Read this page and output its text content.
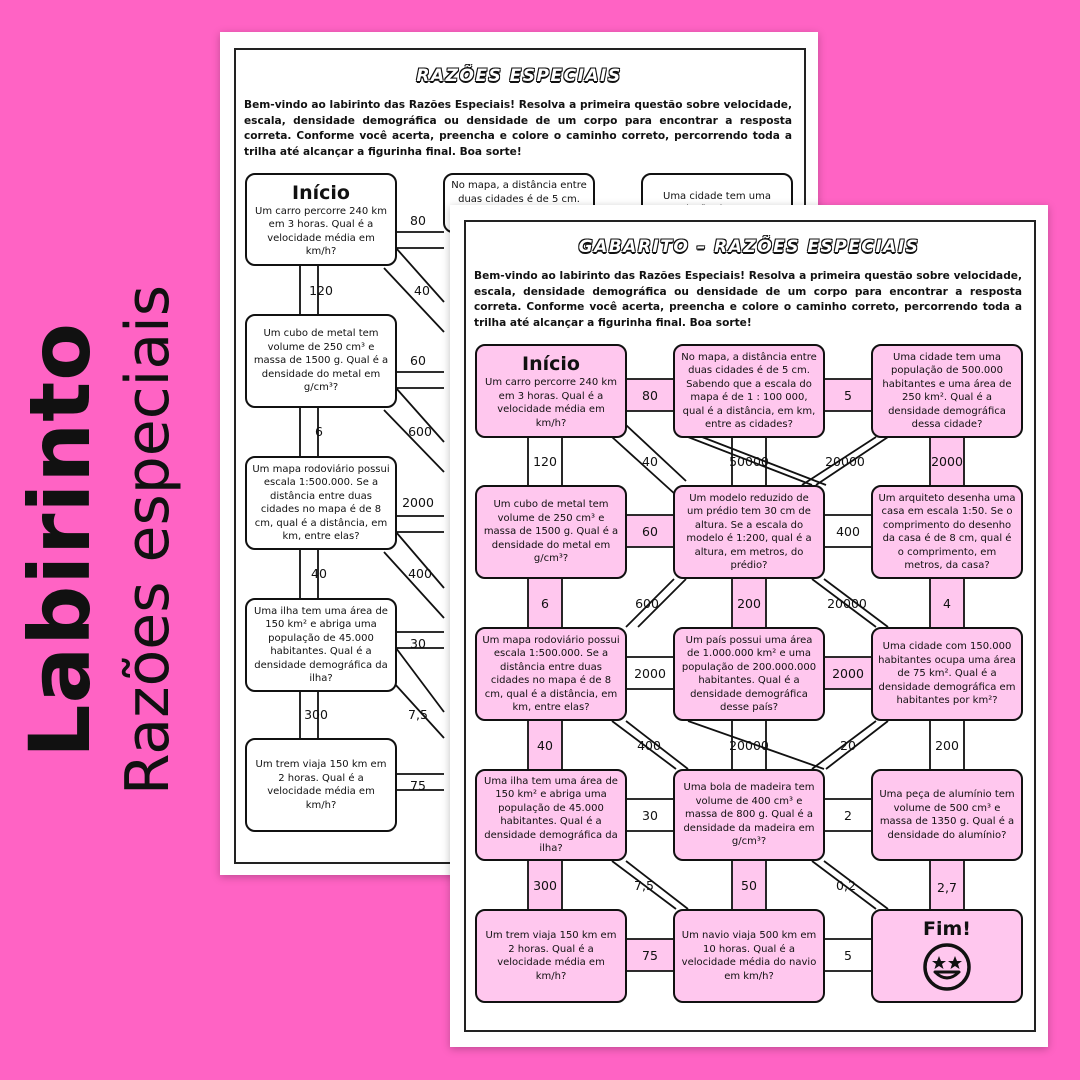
Labirinto Razões especiais
RAZÕES ESPECIAIS
Bem-vindo ao labirinto das Razões Especiais! Resolva a primeira questão sobre velocidade, escala, densidade demográfica ou densidade de um corpo para encontrar a resposta correta. Conforme você acerta, preencha e colore o caminho correto, percorrendo toda a trilha até alcançar a figurinha final. Boa sorte!
Início
Um carro percorre 240 km em 3 horas. Qual é a velocidade média em km/h?
No mapa, a distância entre duas cidades é de 5 cm.	Uma cidade tem uma
Um cubo de metal tem volume de 250 cm³ e massa de 1500 g. Qual é a densidade do metal em g/cm³?
Um mapa rodoviário possui escala 1:500.000. Se a distância entre duas cidades no mapa é de 8 cm, qual é a distância, em km, entre elas?
Uma ilha tem uma área de 150 km² e abriga uma população de 45.000 habitantes. Qual é a densidade demográfica da ilha?
Um trem viaja 150 km em 2 horas. Qual é a velocidade média em km/h?
80
120	40
60
6	600
2000
40	400
30
300	7,5
75
GABARITO – RAZÕES ESPECIAIS
Bem-vindo ao labirinto das Razões Especiais! Resolva a primeira questão sobre velocidade, escala, densidade demográfica ou densidade de um corpo para encontrar a resposta correta. Conforme você acerta, preencha e colore o caminho correto, percorrendo toda a trilha até alcançar a figurinha final. Boa sorte!
Início
Um carro percorre 240 km em 3 horas. Qual é a velocidade média em km/h?
No mapa, a distância entre duas cidades é de 5 cm. Sabendo que a escala do mapa é de 1 : 100 000, qual é a distância, em km, entre as cidades?
Uma cidade tem uma população de 500.000 habitantes e uma área de 250 km². Qual é a densidade demográfica dessa cidade?
Um cubo de metal tem volume de 250 cm³ e massa de 1500 g. Qual é a densidade do metal em g/cm³?
Um modelo reduzido de um prédio tem 30 cm de altura. Se a escala do modelo é 1:200, qual é a altura, em metros, do prédio?
Um arquiteto desenha uma casa em escala 1:50. Se o comprimento do desenho da casa é de 8 cm, qual é o comprimento, em metros, da casa?
Um mapa rodoviário possui escala 1:500.000. Se a distância entre duas cidades no mapa é de 8 cm, qual é a distância, em km, entre elas?
Um país possui uma área de 1.000.000 km² e uma população de 200.000.000 habitantes. Qual é a densidade demográfica desse país?
Uma cidade com 150.000 habitantes ocupa uma área de 75 km². Qual é a densidade demográfica em habitantes por km²?
Uma ilha tem uma área de 150 km² e abriga uma população de 45.000 habitantes. Qual é a densidade demográfica da ilha?
Uma bola de madeira tem volume de 400 cm³ e massa de 800 g. Qual é a densidade da madeira em g/cm³?
Uma peça de alumínio tem volume de 500 cm³ e massa de 1350 g. Qual é a densidade do alumínio?
Um trem viaja 150 km em 2 horas. Qual é a velocidade média em km/h?
Um navio viaja 500 km em 10 horas. Qual é a velocidade média do navio em km/h?
Fim!
80	5
120	40	50000	20000	2000
60	400
6	600	200	20000	4
2000	2000
40	400	20000	20	200
30	2
300	7,5	50	0,2	2,7
75	5
